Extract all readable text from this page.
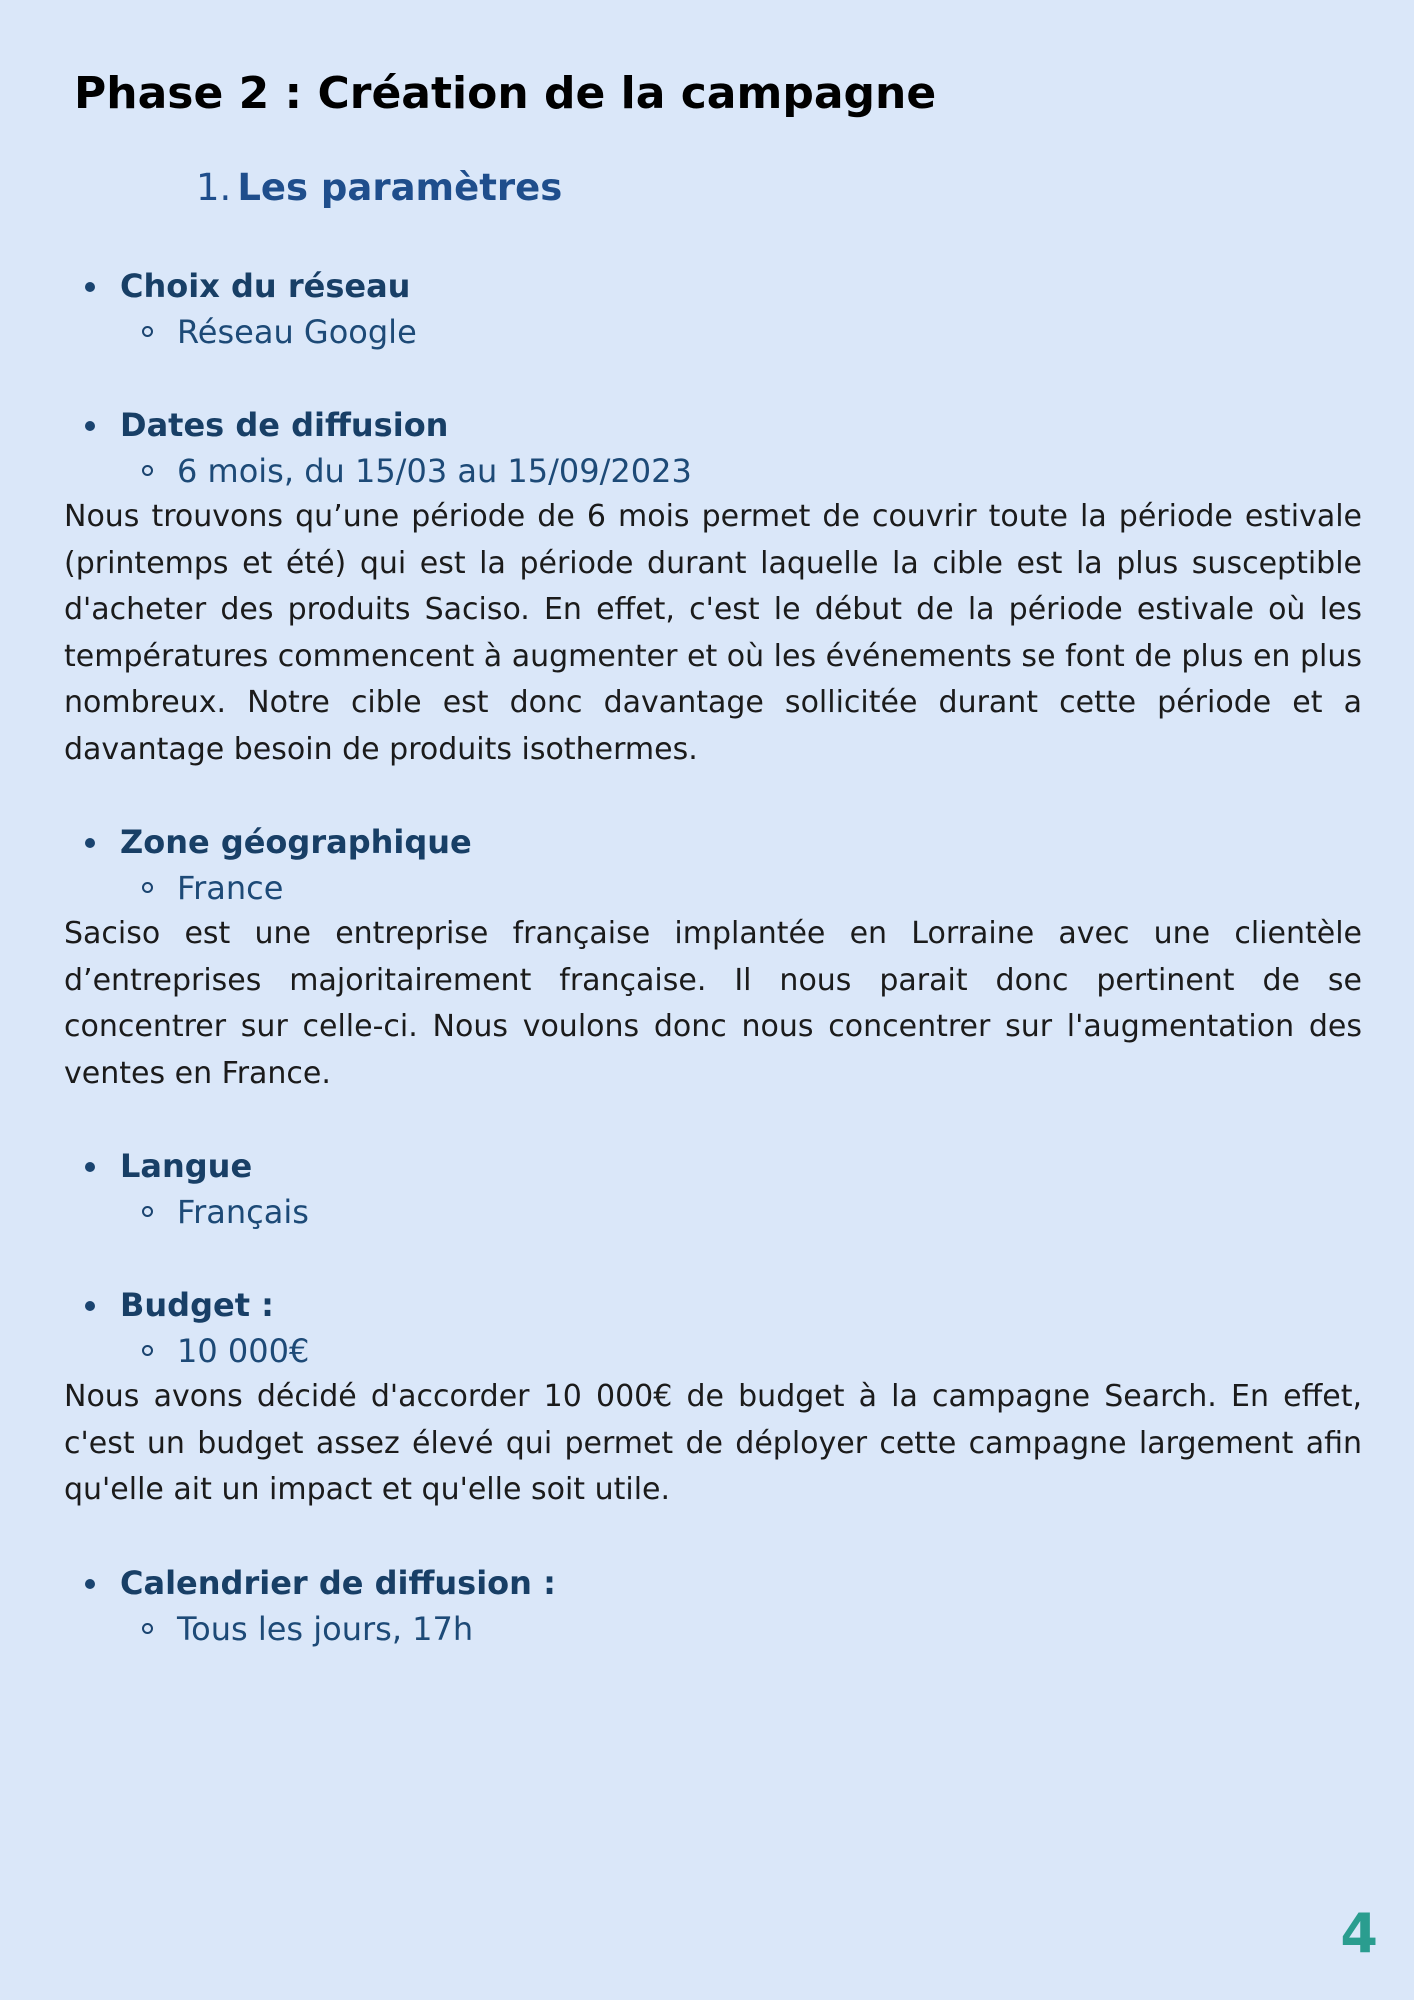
Phase 2 : Création de la campagne
1. Les paramètres
Choix du réseau
Réseau Google
Dates de diffusion
6 mois, du 15/03 au 15/09/2023

Nous trouvons qu’une période de 6 mois permet de couvrir toute la période estivale (printemps et été) qui est la période durant laquelle la cible est la plus susceptible d'acheter des produits Saciso. En effet, c'est le début de la période estivale où les températures commencent à augmenter et où les événements se font de plus en plus nombreux. Notre cible est donc davantage sollicitée durant cette période et a davantage besoin de produits isothermes.

Zone géographique
France

Saciso est une entreprise française implantée en Lorraine avec une clientèle d’entreprises majoritairement française. Il nous parait donc pertinent de se concentrer sur celle-ci. Nous voulons donc nous concentrer sur l'augmentation des ventes en France.

Langue
Français
Budget :
10 000€

Nous avons décidé d'accorder 10 000€ de budget à la campagne Search. En effet, c'est un budget assez élevé qui permet de déployer cette campagne largement afin qu'elle ait un impact et qu'elle soit utile.

Calendrier de diffusion :
Tous les jours, 17h
4
